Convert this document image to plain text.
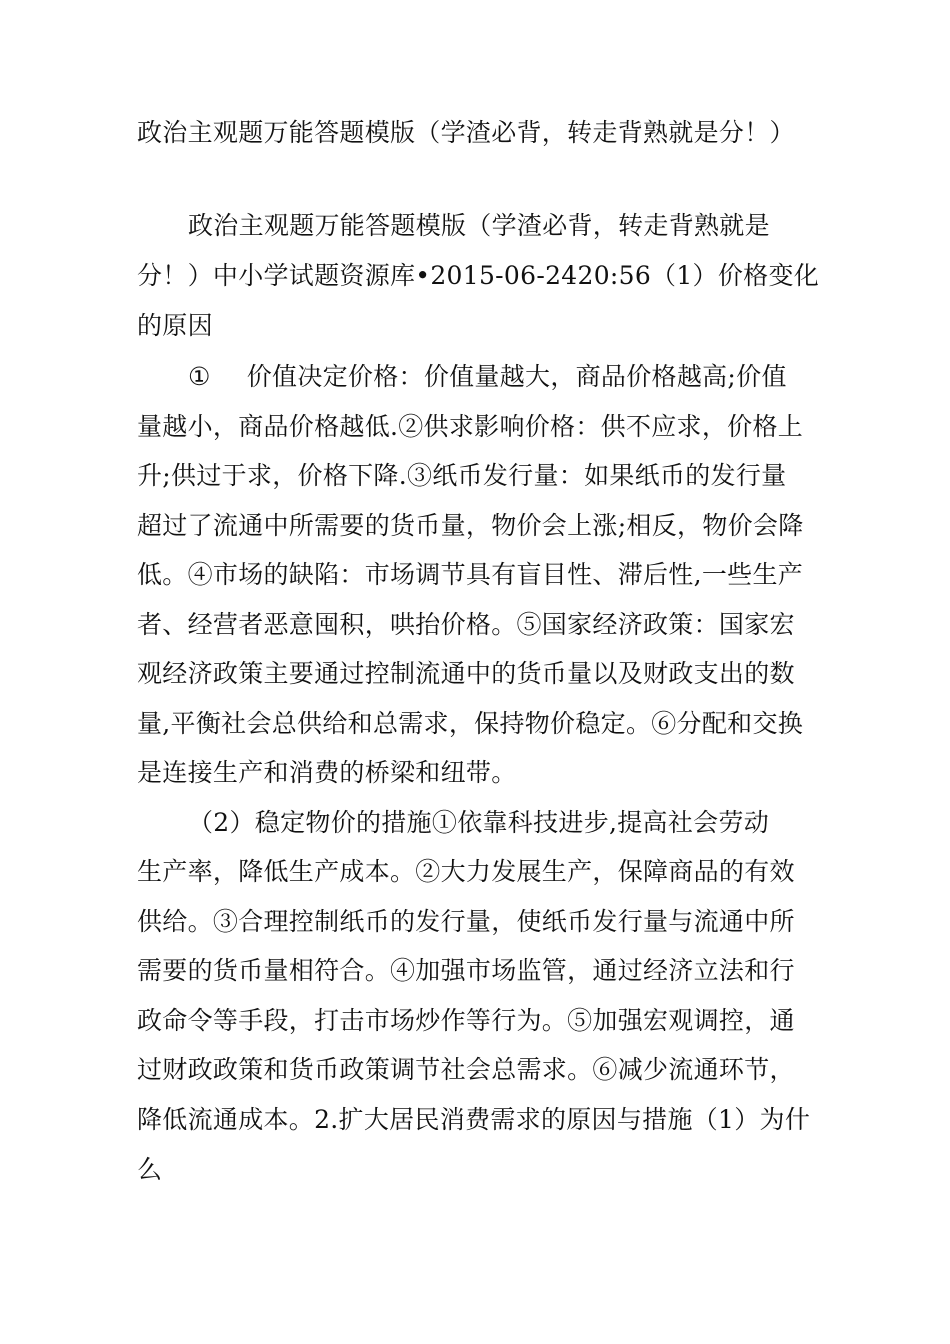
政治主观题万能答题模版（学渣必背，转走背熟就是分！）
政治主观题万能答题模版（学渣必背，转走背熟就是
分！）中小学试题资源库•2015-06-2420:56（1）价格变化
的原因
① 价值决定价格：价值量越大，商品价格越高;价值
量越小，商品价格越低.②供求影响价格：供不应求，价格上
升;供过于求，价格下降.③纸币发行量：如果纸币的发行量
超过了流通中所需要的货币量，物价会上涨;相反，物价会降
低。④市场的缺陷：市场调节具有盲目性、滞后性,一些生产
者、经营者恶意囤积，哄抬价格。⑤国家经济政策：国家宏
观经济政策主要通过控制流通中的货币量以及财政支出的数
量,平衡社会总供给和总需求，保持物价稳定。⑥分配和交换
是连接生产和消费的桥梁和纽带。
（2）稳定物价的措施①依靠科技进步,提高社会劳动
生产率，降低生产成本。②大力发展生产，保障商品的有效
供给。③合理控制纸币的发行量，使纸币发行量与流通中所
需要的货币量相符合。④加强市场监管，通过经济立法和行
政命令等手段，打击市场炒作等行为。⑤加强宏观调控，通
过财政政策和货币政策调节社会总需求。⑥减少流通环节，
降低流通成本。2.扩大居民消费需求的原因与措施（1）为什
么
